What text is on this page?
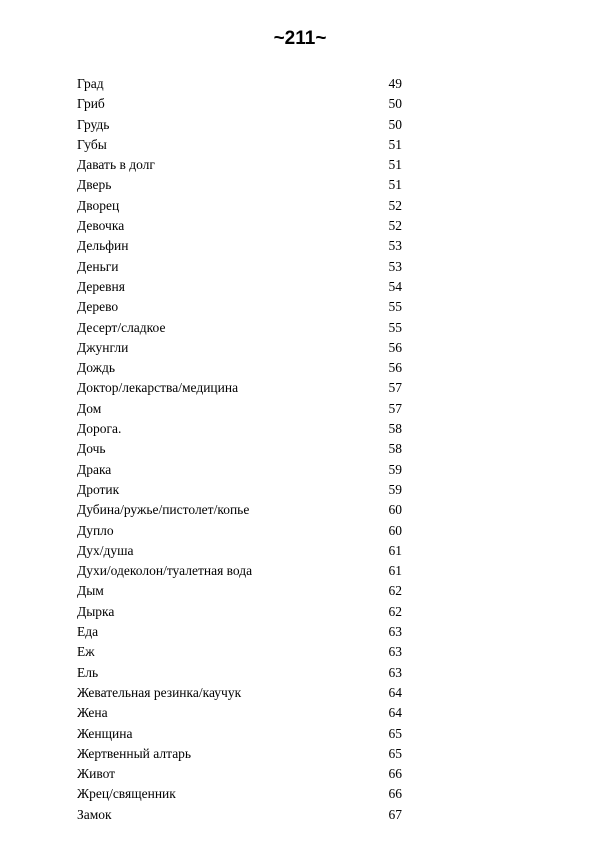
~211~
Град	49
Гриб	50
Грудь	50
Губы	51
Давать в долг	51
Дверь	51
Дворец	52
Девочка	52
Дельфин	53
Деньги	53
Деревня	54
Дерево	55
Десерт/сладкое	55
Джунгли	56
Дождь	56
Доктор/лекарства/медицина	57
Дом	57
Дорога.	58
Дочь	58
Драка	59
Дротик	59
Дубина/ружье/пистолет/копье	60
Дупло	60
Дух/душа	61
Духи/одеколон/туалетная вода	61
Дым	62
Дырка	62
Еда	63
Еж	63
Ель	63
Жевательная резинка/каучук	64
Жена	64
Женщина	65
Жертвенный алтарь	65
Живот	66
Жрец/священник	66
Замок	67
